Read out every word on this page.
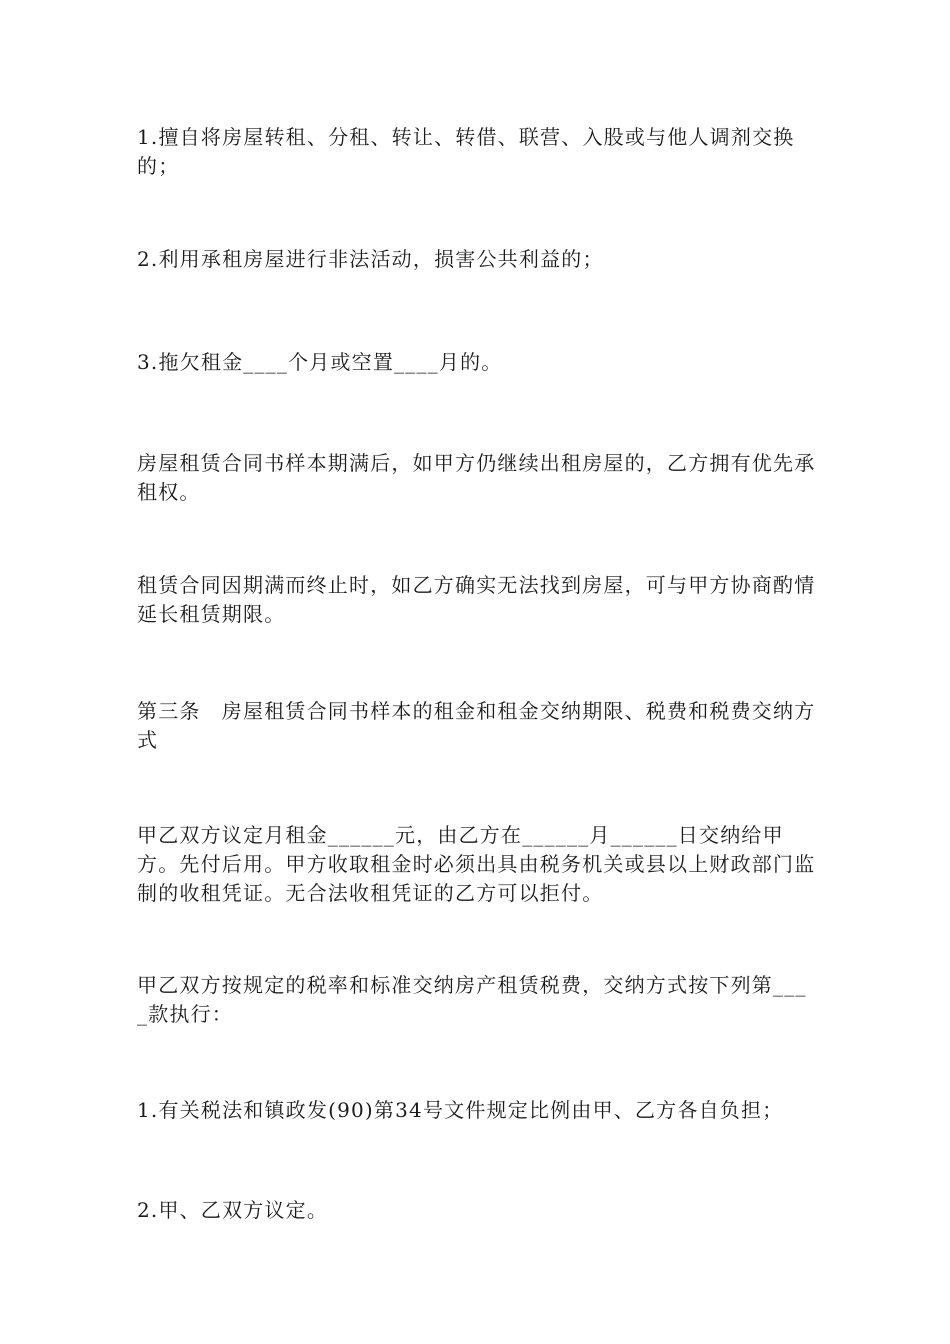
1.擅自将房屋转租、分租、转让、转借、联营、入股或与他人调剂交换的；

2.利用承租房屋进行非法活动，损害公共利益的；

3.拖欠租金____个月或空置____月的。

房屋租赁合同书样本期满后，如甲方仍继续出租房屋的，乙方拥有优先承租权。

租赁合同因期满而终止时，如乙方确实无法找到房屋，可与甲方协商酌情延长租赁期限。

第三条　房屋租赁合同书样本的租金和租金交纳期限、税费和税费交纳方式

甲乙双方议定月租金______元，由乙方在______月______日交纳给甲方。先付后用。甲方收取租金时必须出具由税务机关或县以上财政部门监制的收租凭证。无合法收租凭证的乙方可以拒付。

甲乙双方按规定的税率和标准交纳房产租赁税费，交纳方式按下列第____款执行：

1.有关税法和镇政发(90)第34号文件规定比例由甲、乙方各自负担；

2.甲、乙双方议定。
